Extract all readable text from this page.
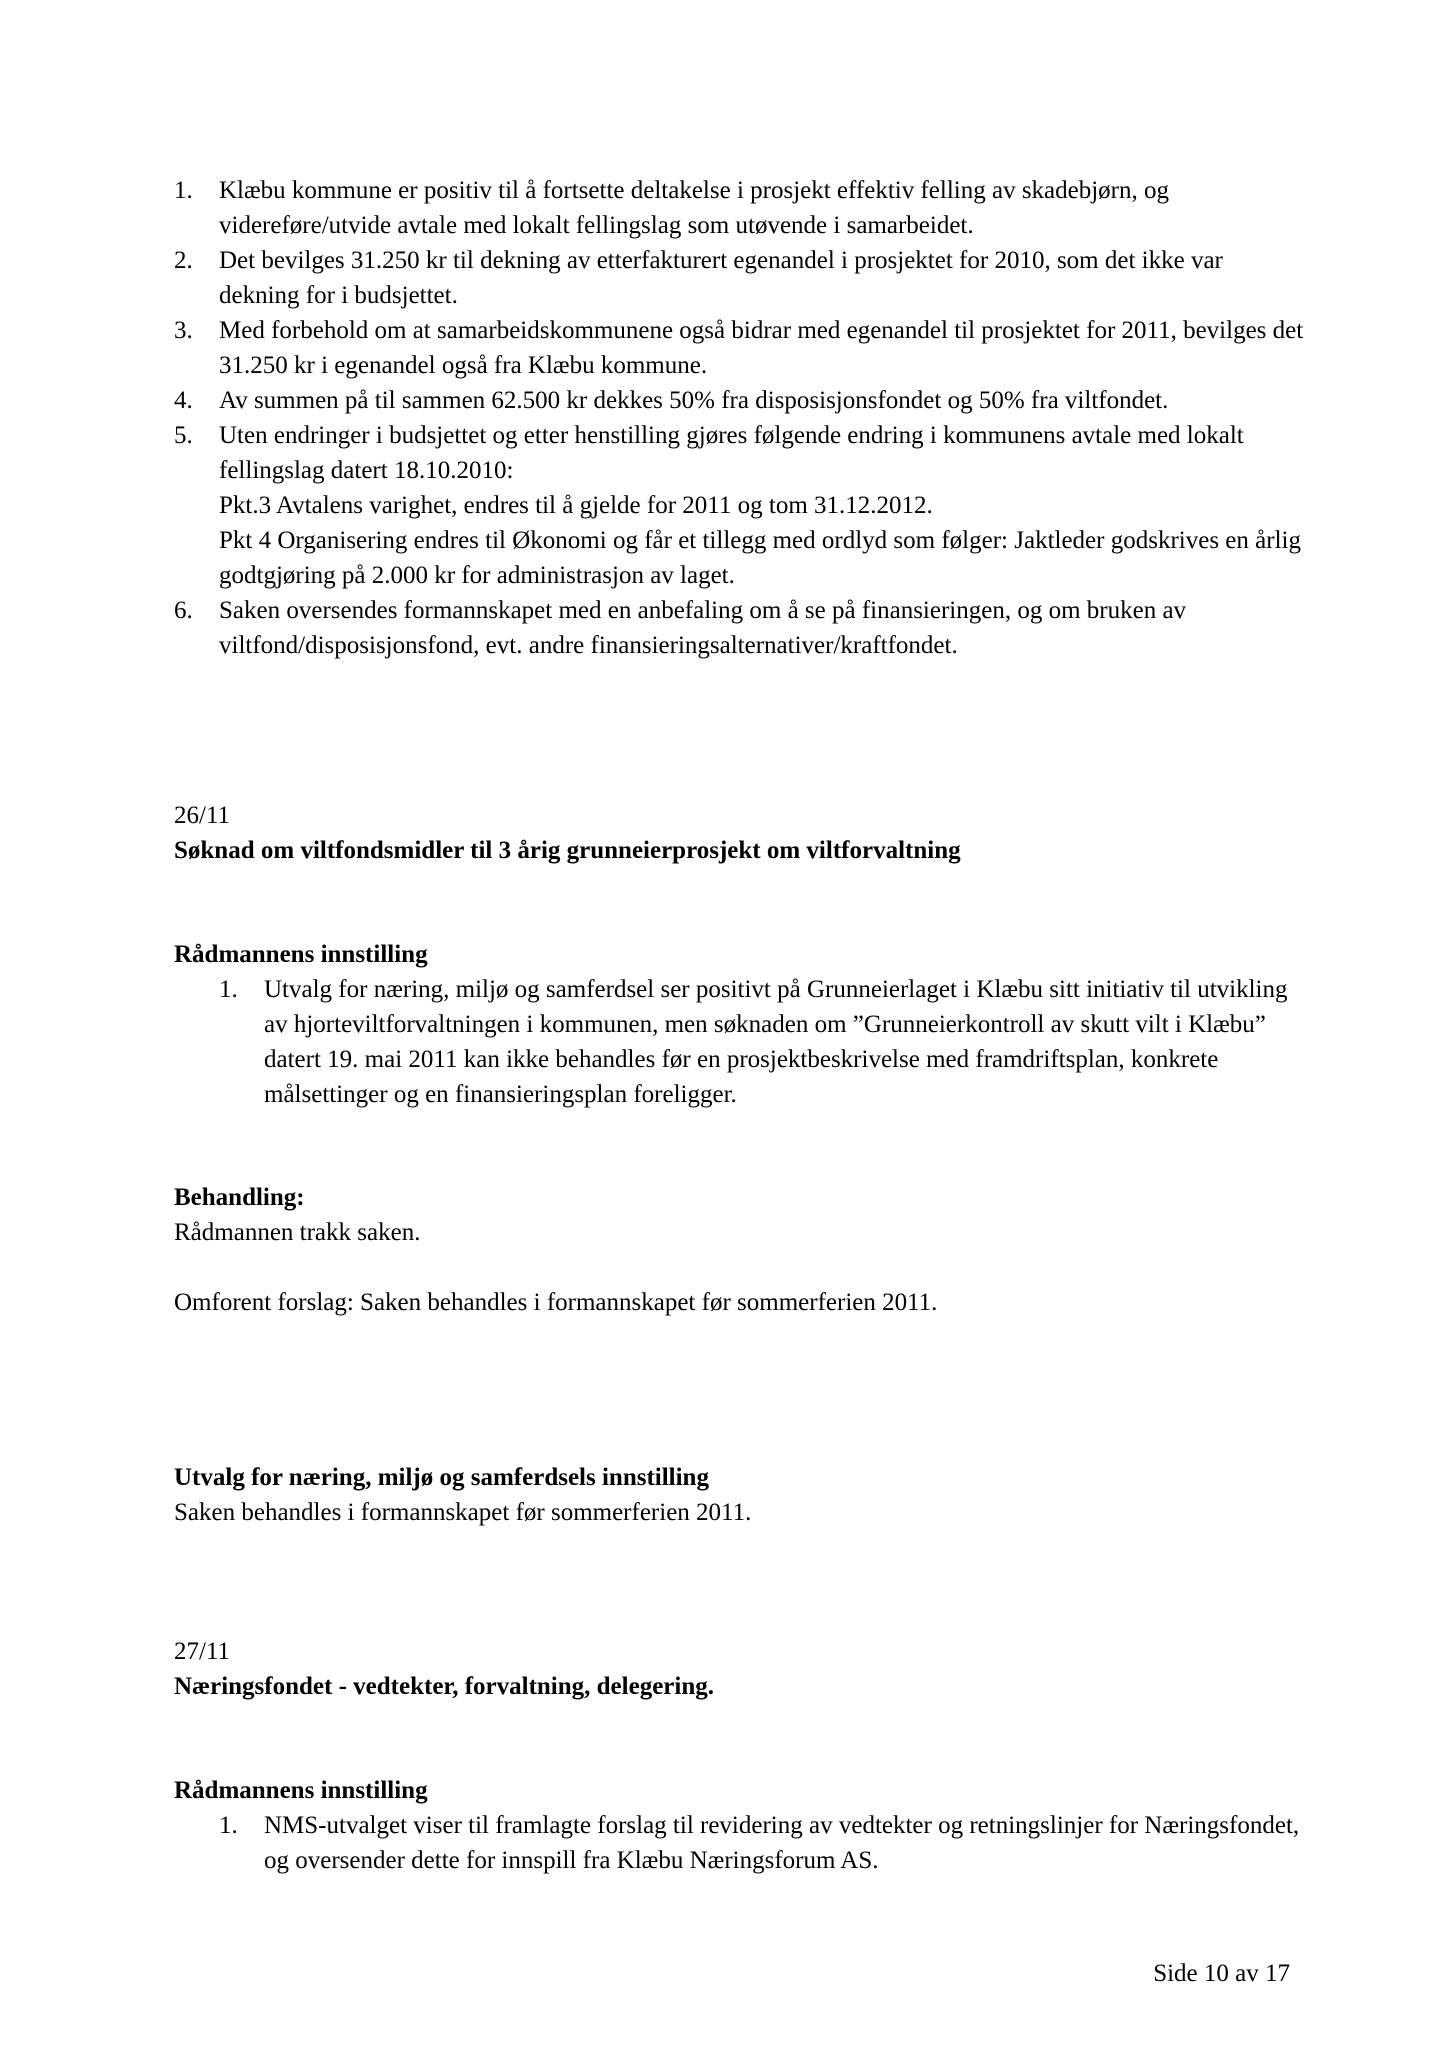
1. Klæbu kommune er positiv til å fortsette deltakelse i prosjekt effektiv felling av skadebjørn, og videreføre/utvide avtale med lokalt fellingslag som utøvende i samarbeidet.

2. Det bevilges 31.250 kr til dekning av etterfakturert egenandel i prosjektet for 2010, som det ikke var dekning for i budsjettet.

3. Med forbehold om at samarbeidskommunene også bidrar med egenandel til prosjektet for 2011, bevilges det 31.250 kr i egenandel også fra Klæbu kommune.

4. Av summen på til sammen 62.500 kr dekkes 50% fra disposisjonsfondet og 50% fra viltfondet.

5. Uten endringer i budsjettet og etter henstilling gjøres følgende endring i kommunens avtale med lokalt fellingslag datert 18.10.2010:

Pkt.3 Avtalens varighet, endres til å gjelde for 2011 og tom 31.12.2012.

Pkt 4 Organisering endres til Økonomi og får et tillegg med ordlyd som følger: Jaktleder godskrives en årlig godtgjøring på 2.000 kr for administrasjon av laget.

6. Saken oversendes formannskapet med en anbefaling om å se på finansieringen, og om bruken av viltfond/disposisjonsfond, evt. andre finansieringsalternativer/kraftfondet.

26/11

Søknad om viltfondsmidler til 3 årig grunneierprosjekt om viltforvaltning

Rådmannens innstilling

1. Utvalg for næring, miljø og samferdsel ser positivt på Grunneierlaget i Klæbu sitt initiativ til utvikling av hjorteviltforvaltningen i kommunen, men søknaden om ”Grunneierkontroll av skutt vilt i Klæbu” datert 19. mai 2011 kan ikke behandles før en prosjektbeskrivelse med framdriftsplan, konkrete målsettinger og en finansieringsplan foreligger.

Behandling:

Rådmannen trakk saken.

Omforent forslag: Saken behandles i formannskapet før sommerferien 2011.

Utvalg for næring, miljø og samferdsels innstilling

Saken behandles i formannskapet før sommerferien 2011.

27/11

Næringsfondet - vedtekter, forvaltning, delegering.

Rådmannens innstilling

1. NMS-utvalget viser til framlagte forslag til revidering av vedtekter og retningslinjer for Næringsfondet, og oversender dette for innspill fra Klæbu Næringsforum AS.

Side 10 av 17
